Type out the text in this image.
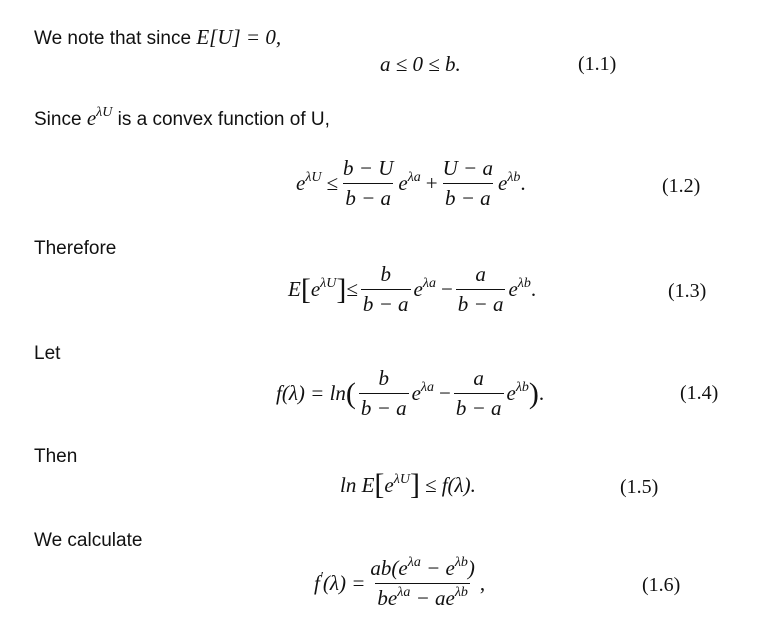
We note that since E[U] = 0,
a ≤ 0 ≤ b.	(1.1)
Since $e^{\lambda U}$ is a convex function of U,
$e^{\lambda U} \le \frac{b - U}{b - a} e^{\lambda a} + \frac{U - a}{b - a} e^{\lambda b}$ .	(1.2)
Therefore
E [ $e^{\lambda U}$ ] ≤ $\frac{b}{b - a} e^{\lambda a} - \frac{a}{b - a} e^{\lambda b}$ .	(1.3)
Let
f(λ) = ln ( $\frac{b}{b - a} e^{\lambda a} - \frac{a}{b - a} e^{\lambda b}$ ) .	(1.4)
Then
ln E [ $e^{\lambda U}$ ] ≤ f(λ).	(1.5)
We calculate
$f'(\lambda) = \frac{ab(e^{\lambda a} - e^{\lambda b})}{be^{\lambda a} - ae^{\lambda b}}$ ,	(1.6)
